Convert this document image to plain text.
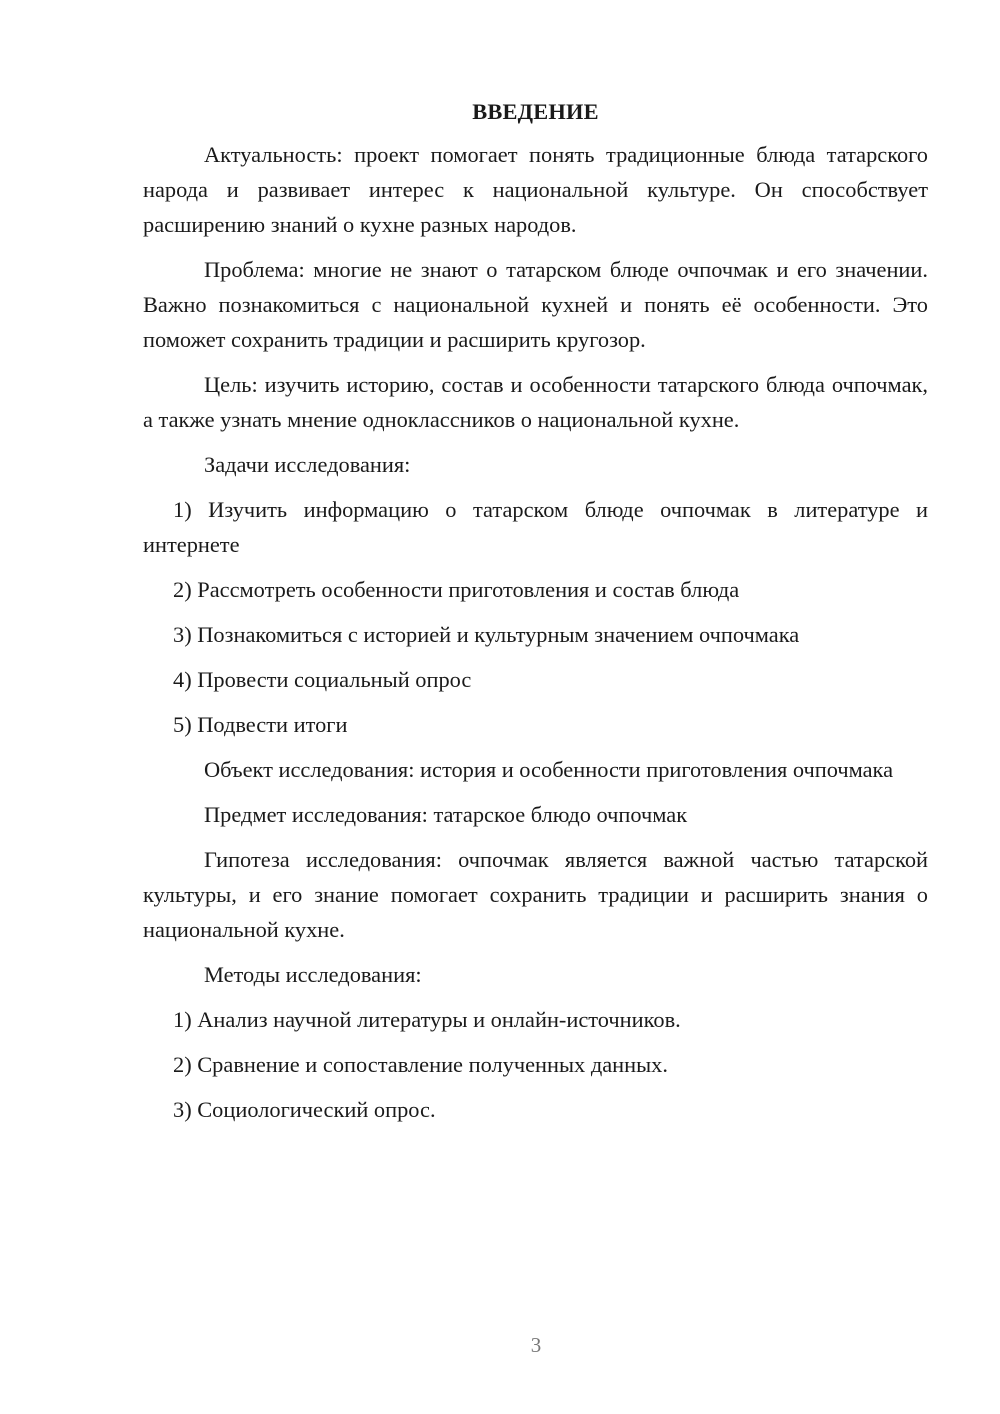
ВВЕДЕНИЕ

Актуальность: проект помогает понять традиционные блюда татарского народа и развивает интерес к национальной культуре. Он способствует расширению знаний о кухне разных народов.

Проблема: многие не знают о татарском блюде очпочмак и его значении. Важно познакомиться с национальной кухней и понять её особенности. Это поможет сохранить традиции и расширить кругозор.

Цель: изучить историю, состав и особенности татарского блюда очпочмак, а также узнать мнение одноклассников о национальной кухне.

Задачи исследования:

1) Изучить информацию о татарском блюде очпочмак в литературе и интернете

2) Рассмотреть особенности приготовления и состав блюда

3) Познакомиться с историей и культурным значением очпочмака

4) Провести социальный опрос

5) Подвести итоги

Объект исследования: история и особенности приготовления очпочмака

Предмет исследования: татарское блюдо очпочмак

Гипотеза исследования: очпочмак является важной частью татарской культуры, и его знание помогает сохранить традиции и расширить знания о национальной кухне.

Методы исследования:

1) Анализ научной литературы и онлайн-источников.

2) Сравнение и сопоставление полученных данных.

3) Социологический опрос.

3
